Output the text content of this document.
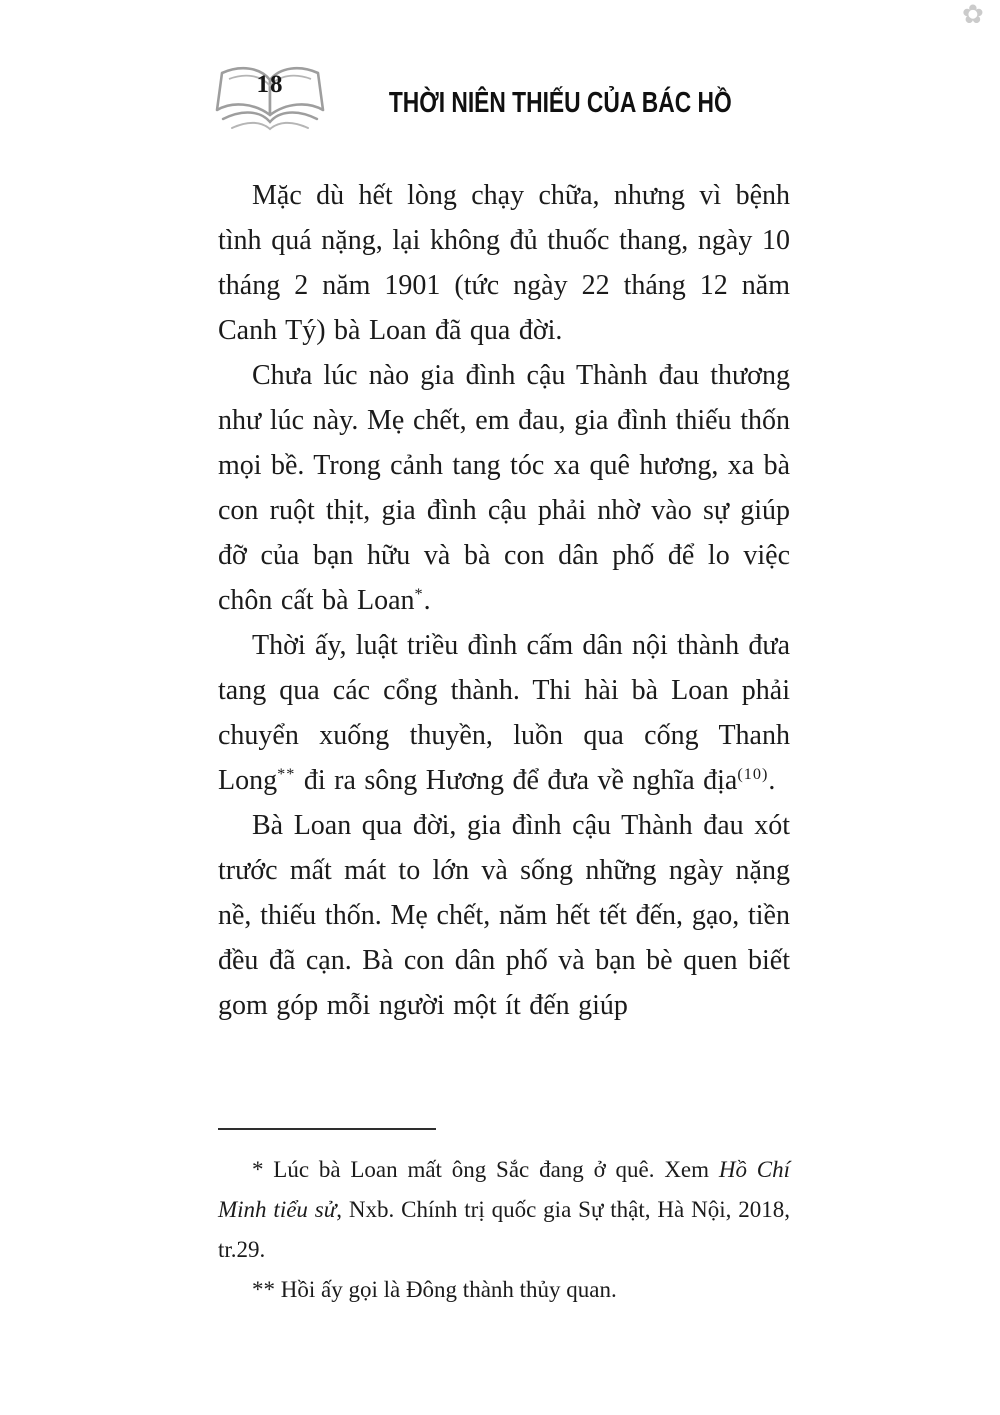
✿
18
THỜI NIÊN THIẾU CỦA BÁC HỒ

Mặc dù hết lòng chạy chữa, nhưng vì bệnh tình quá nặng, lại không đủ thuốc thang, ngày 10 tháng 2 năm 1901 (tức ngày 22 tháng 12 năm Canh Tý) bà Loan đã qua đời.

Chưa lúc nào gia đình cậu Thành đau thương như lúc này. Mẹ chết, em đau, gia đình thiếu thốn mọi bề. Trong cảnh tang tóc xa quê hương, xa bà con ruột thịt, gia đình cậu phải nhờ vào sự giúp đỡ của bạn hữu và bà con dân phố để lo việc chôn cất bà Loan*.

Thời ấy, luật triều đình cấm dân nội thành đưa tang qua các cổng thành. Thi hài bà Loan phải chuyển xuống thuyền, luồn qua cống Thanh Long** đi ra sông Hương để đưa về nghĩa địa$^{(10)}$.

Bà Loan qua đời, gia đình cậu Thành đau xót trước mất mát to lớn và sống những ngày nặng nề, thiếu thốn. Mẹ chết, năm hết tết đến, gạo, tiền đều đã cạn. Bà con dân phố và bạn bè quen biết gom góp mỗi người một ít đến giúp

* Lúc bà Loan mất ông Sắc đang ở quê. Xem Hồ Chí Minh tiểu sử, Nxb. Chính trị quốc gia Sự thật, Hà Nội, 2018, tr.29.

** Hồi ấy gọi là Đông thành thủy quan.
